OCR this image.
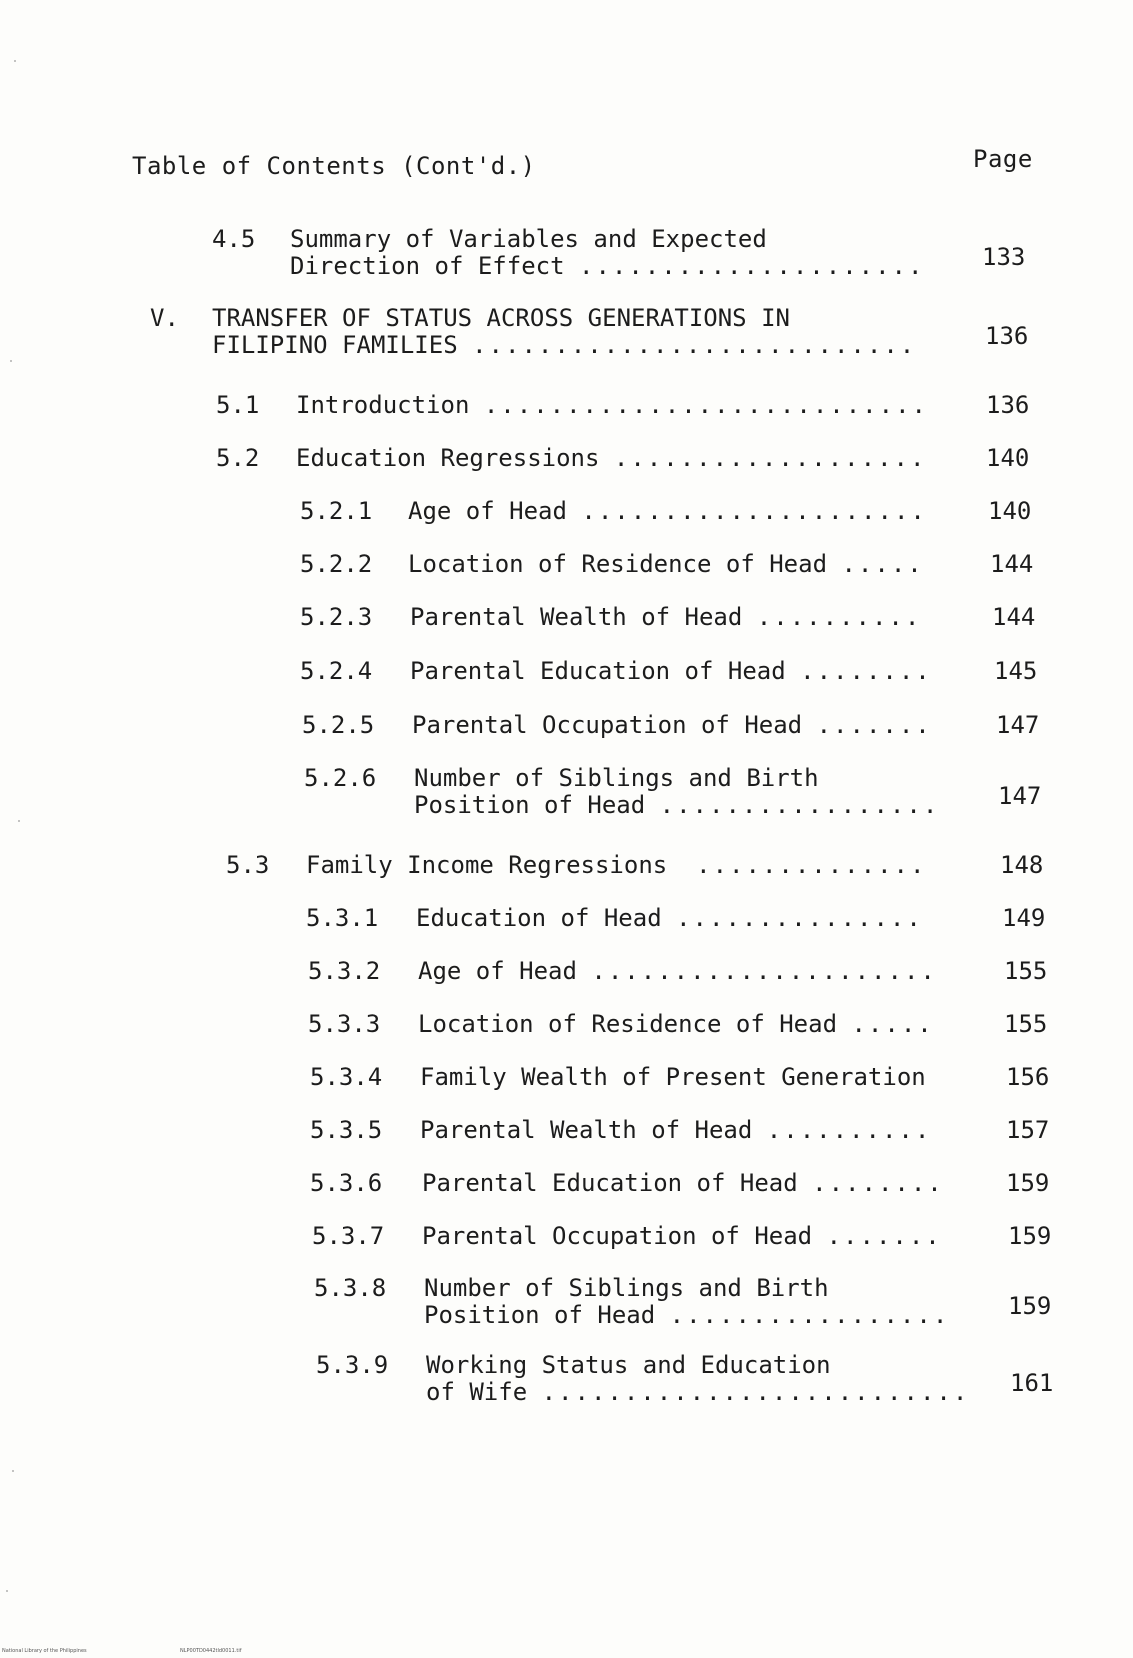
Table of Contents (Cont'd.)	Page
4.5 Summary of Variables and Expected
Direction of Effect ..................... 133
V. TRANSFER OF STATUS ACROSS GENERATIONS IN
FILIPINO FAMILIES ...........................	136
5.1 Introduction ........................... 136
5.2 Education Regressions ................... 140
5.2.1 Age of Head .....................	140
5.2.2 Location of Residence of Head .....	144
5.2.3 Parental Wealth of Head ..........	144
5.2.4 Parental Education of Head ........	145
5.2.5 Parental Occupation of Head .......	147
5.2.6 Number of Siblings and Birth
Position of Head ................. 147
5.3 Family Income Regressions ..............	148
5.3.1 Education of Head ...............	149
5.3.2 Age of Head .....................	155
5.3.3 Location of Residence of Head .....	155
5.3.4 Family Wealth of Present Generation	156
5.3.5 Parental Wealth of Head ..........	157
5.3.6 Parental Education of Head ........	159
5.3.7 Parental Occupation of Head .......	159
5.3.8 Number of Siblings and Birth
Position of Head ................. 159
5.3.9 Working Status and Education
of Wife .......................... 161
National Library of the Philippines	NLP00TD0442tld0011.tif
